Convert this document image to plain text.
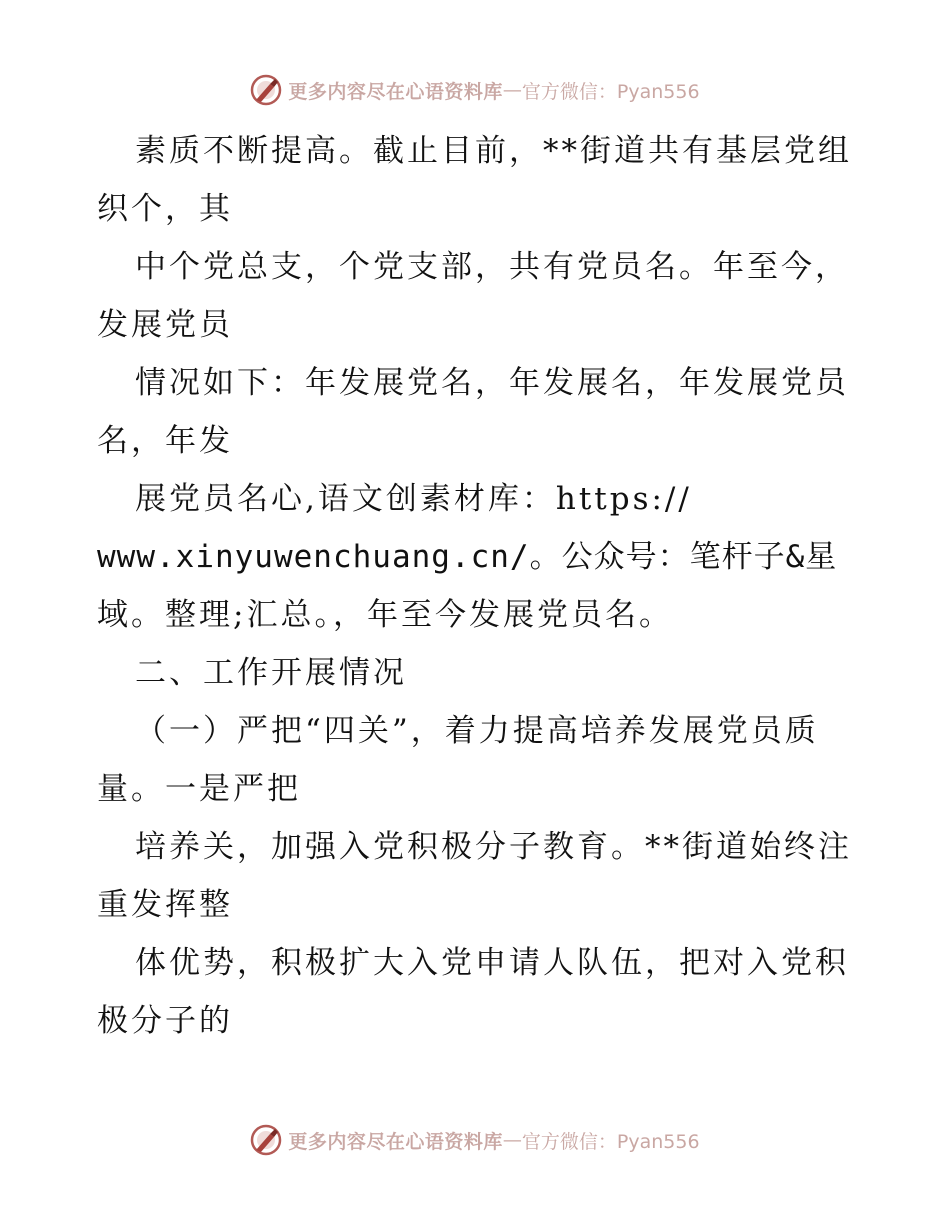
更多内容尽在心语资料库 — 官方微信：Pyan556
素质不断提高。截止目前，**街道共有基层党组
织个，其
中个党总支，个党支部，共有党员名。年至今，
发展党员
情况如下：年发展党名，年发展名，年发展党员
名，年发
展党员名心,语文创素材库：https://
www.xinyuwenchuang.cn/。公众号：笔杆子&星
域。整理;汇总。，年至今发展党员名。
二、工作开展情况
（一）严把“四关”，着力提高培养发展党员质
量。一是严把
培养关，加强入党积极分子教育。**街道始终注
重发挥整
体优势，积极扩大入党申请人队伍，把对入党积
极分子的
更多内容尽在心语资料库 — 官方微信：Pyan556
